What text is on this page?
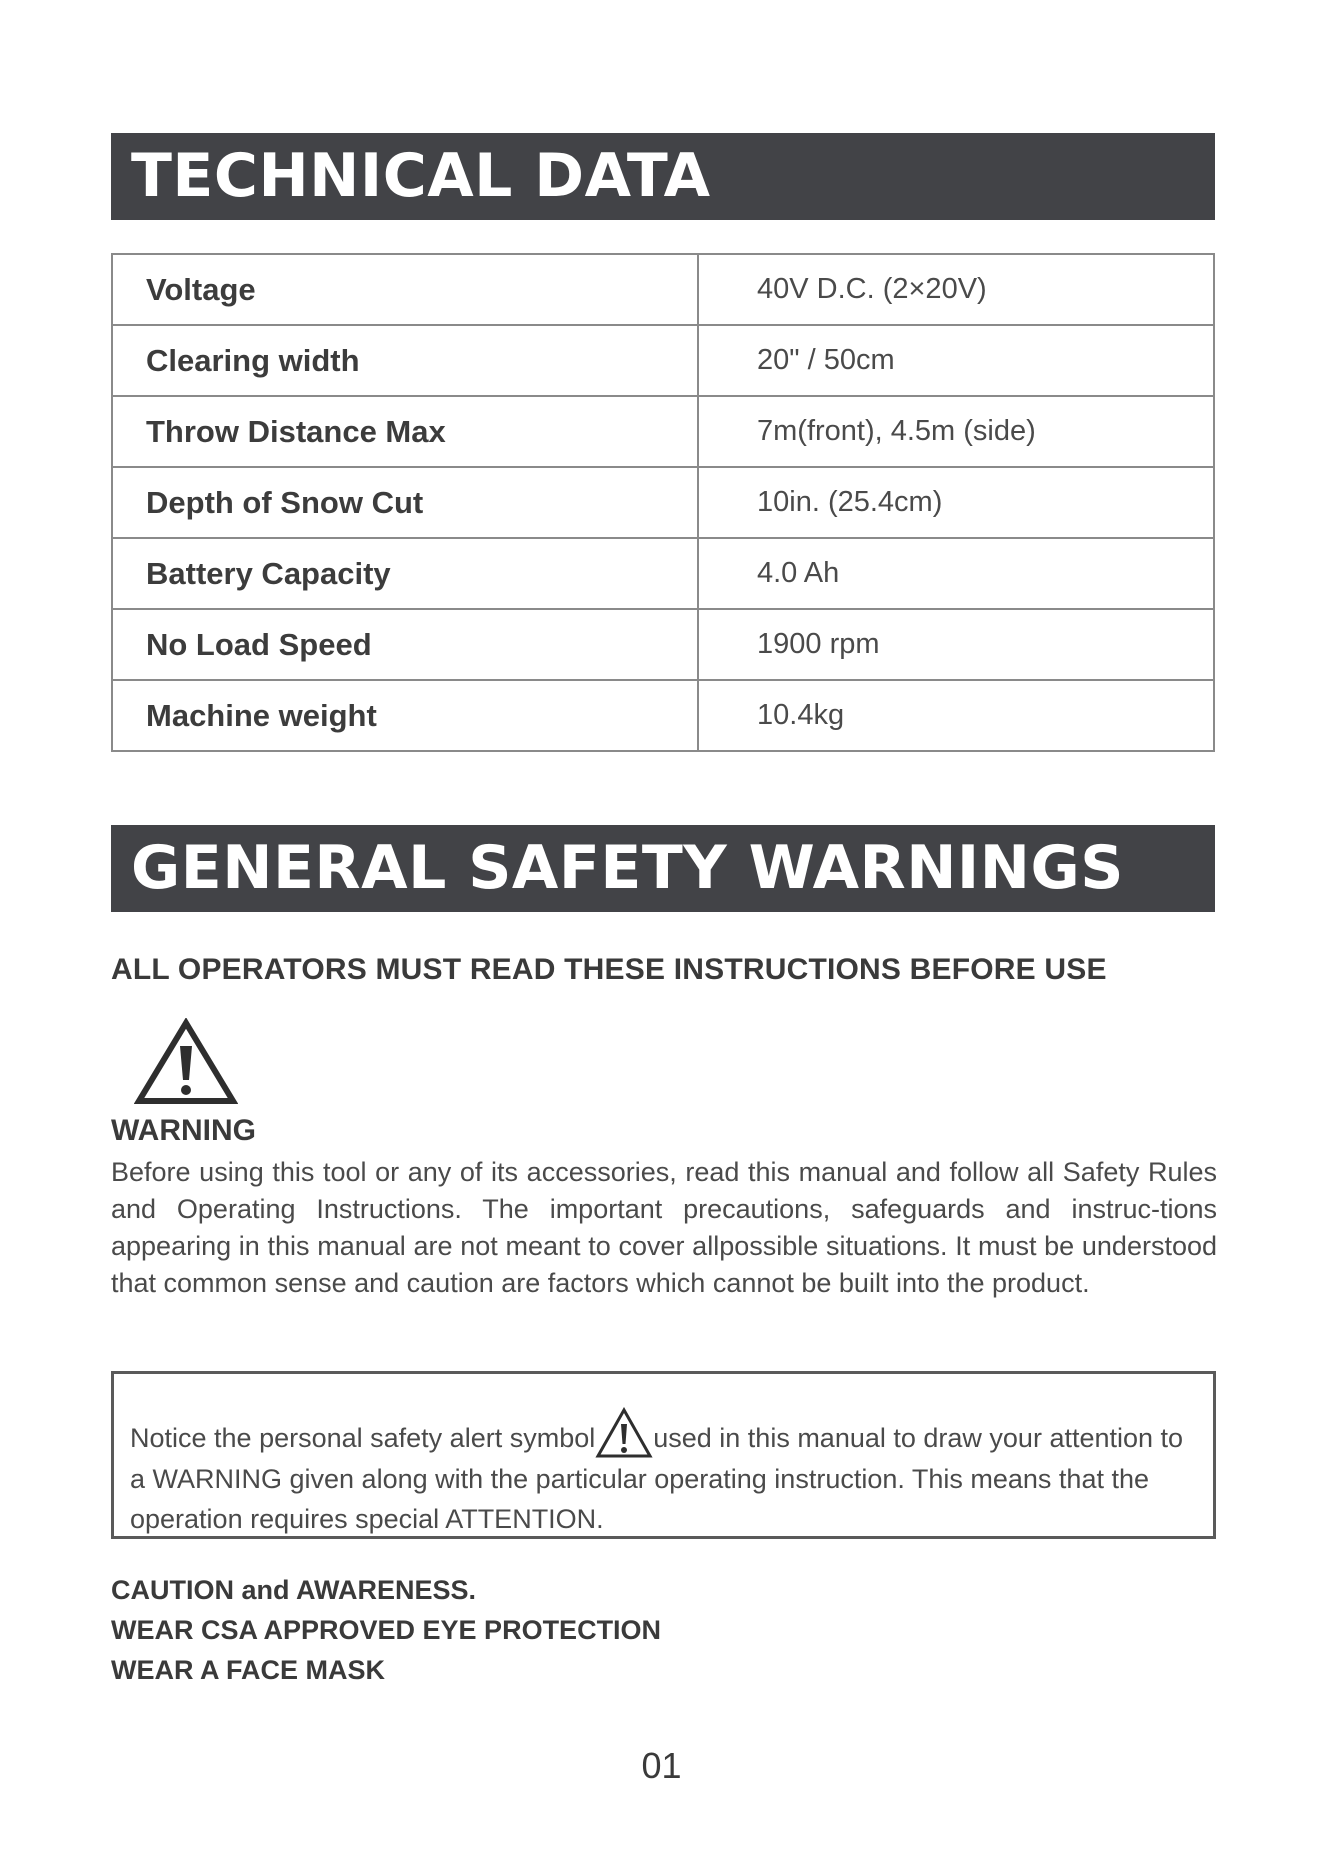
TECHNICAL DATA
Voltage	40V D.C. (2×20V)
Clearing width	20" / 50cm
Throw Distance Max	7m(front), 4.5m (side)
Depth of Snow Cut	10in. (25.4cm)
Battery Capacity	4.0 Ah
No Load Speed	1900 rpm
Machine weight	10.4kg
GENERAL SAFETY WARNINGS
ALL OPERATORS MUST READ THESE INSTRUCTIONS BEFORE USE
WARNING
Before using this tool or any of its accessories, read this manual and follow all Safety Rules and Operating Instructions. The important precautions, safeguards and instruc-tions appearing in this manual are not meant to cover allpossible situations. It must be understood that common sense and caution are factors which cannot be built into the product.
Notice the personal safety alert symbol used in this manual to draw your attention to a WARNING given along with the particular operating instruction. This means that the operation requires special ATTENTION.
CAUTION and AWARENESS.
WEAR CSA APPROVED EYE PROTECTION
WEAR A FACE MASK
01
